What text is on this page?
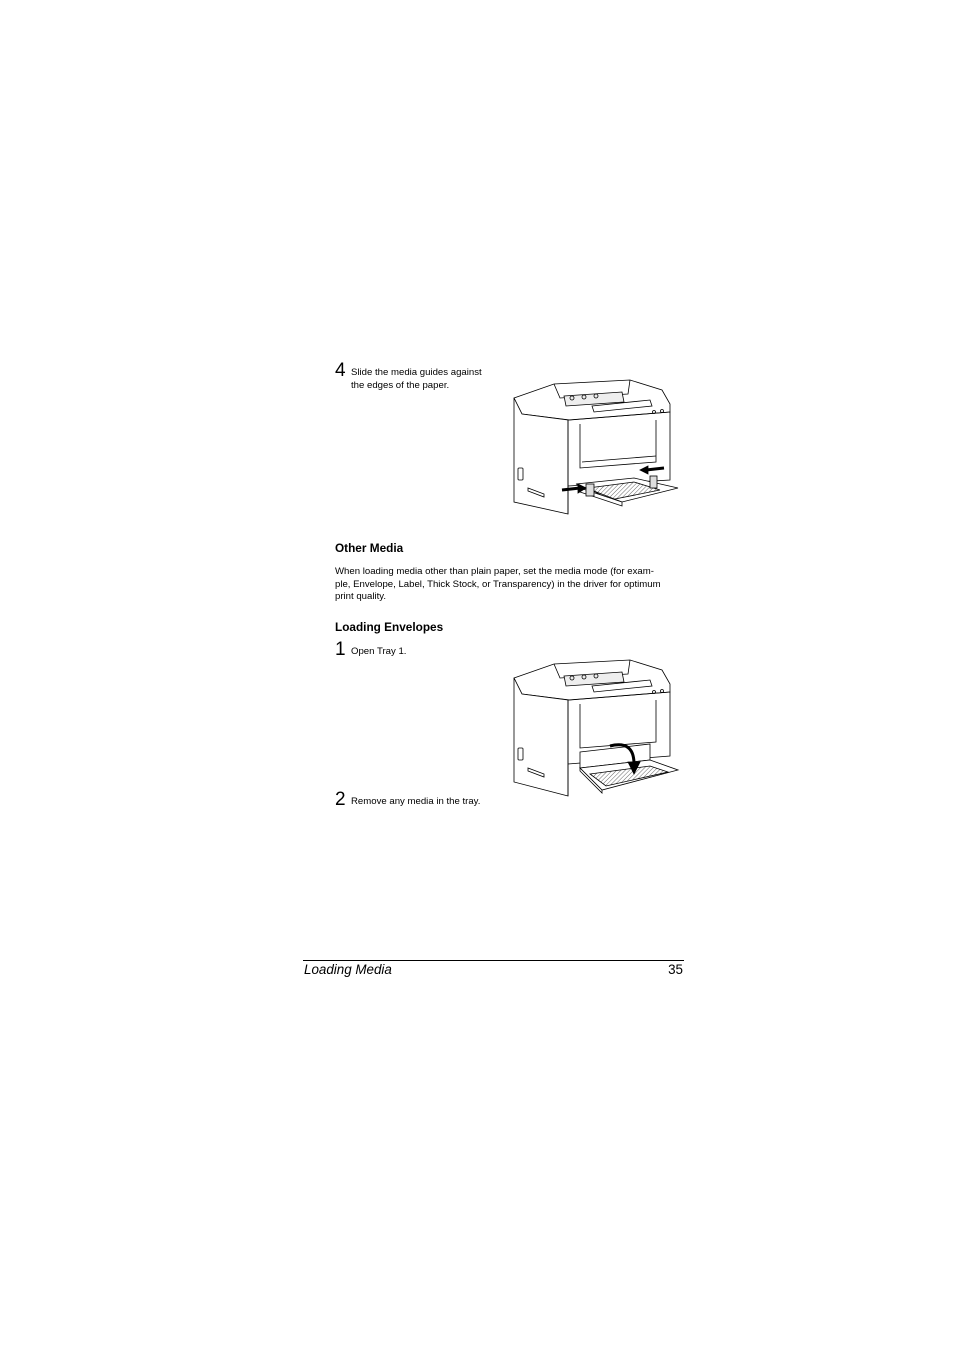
4 Slide the media guides against
the edges of the paper.
Other Media
When loading media other than plain paper, set the media mode (for exam-
ple, Envelope, Label, Thick Stock, or Transparency) in the driver for optimum
print quality.
Loading Envelopes
1 Open Tray 1.
2 Remove any media in the tray.
Loading Media	35
